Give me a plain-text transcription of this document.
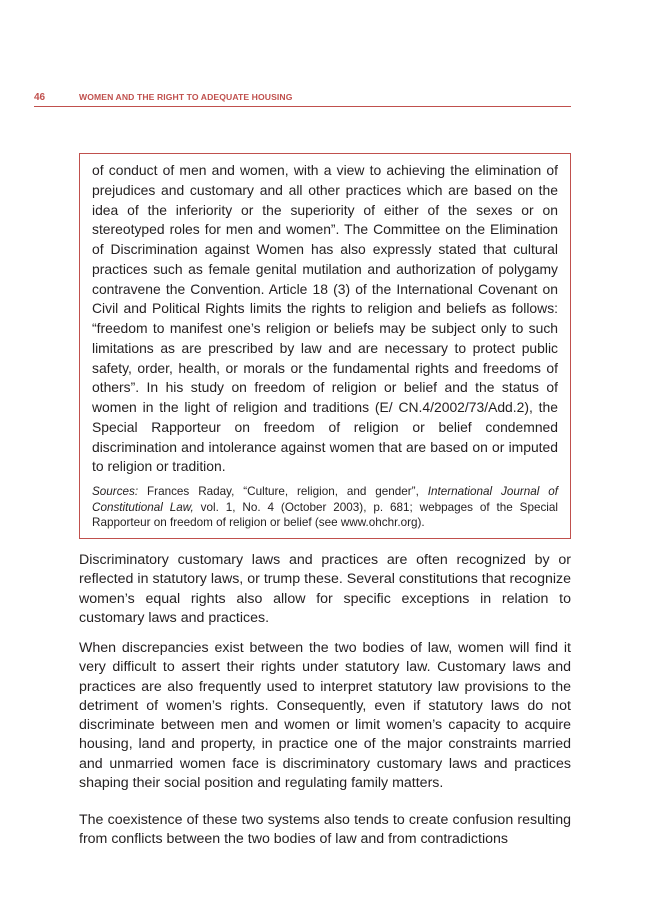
46	WOMEN AND THE RIGHT TO ADEQUATE HOUSING

of conduct of men and women, with a view to achieving the elimination of prejudices and customary and all other practices which are based on the idea of the inferiority or the superiority of either of the sexes or on stereotyped roles for men and women”. The Committee on the Elimination of Discrimination against Women has also expressly stated that cultural practices such as female genital mutilation and authorization of polygamy contravene the Convention. Article 18 (3) of the International Covenant on Civil and Political Rights limits the rights to religion and beliefs as follows: “freedom to manifest one’s religion or beliefs may be subject only to such limitations as are prescribed by law and are necessary to protect public safety, order, health, or morals or the fundamental rights and freedoms of others”. In his study on freedom of religion or belief and the status of women in the light of religion and traditions (E/ CN.4/2002/73/Add.2), the Special Rapporteur on freedom of religion or belief condemned discrimination and intolerance against women that are based on or imputed to religion or tradition.

Sources: Frances Raday, “Culture, religion, and gender”, International Journal of Constitutional Law, vol. 1, No. 4 (October 2003), p. 681; webpages of the Special Rapporteur on freedom of religion or belief (see www.ohchr.org).

Discriminatory customary laws and practices are often recognized by or reflected in statutory laws, or trump these. Several constitutions that recognize women’s equal rights also allow for specific exceptions in relation to customary laws and practices.

When discrepancies exist between the two bodies of law, women will find it very difficult to assert their rights under statutory law. Customary laws and practices are also frequently used to interpret statutory law provisions to the detriment of women’s rights. Consequently, even if statutory laws do not discriminate between men and women or limit women’s capacity to acquire housing, land and property, in practice one of the major constraints married and unmarried women face is discriminatory customary laws and practices shaping their social position and regulating family matters.

The coexistence of these two systems also tends to create confusion resulting from conflicts between the two bodies of law and from contradictions
